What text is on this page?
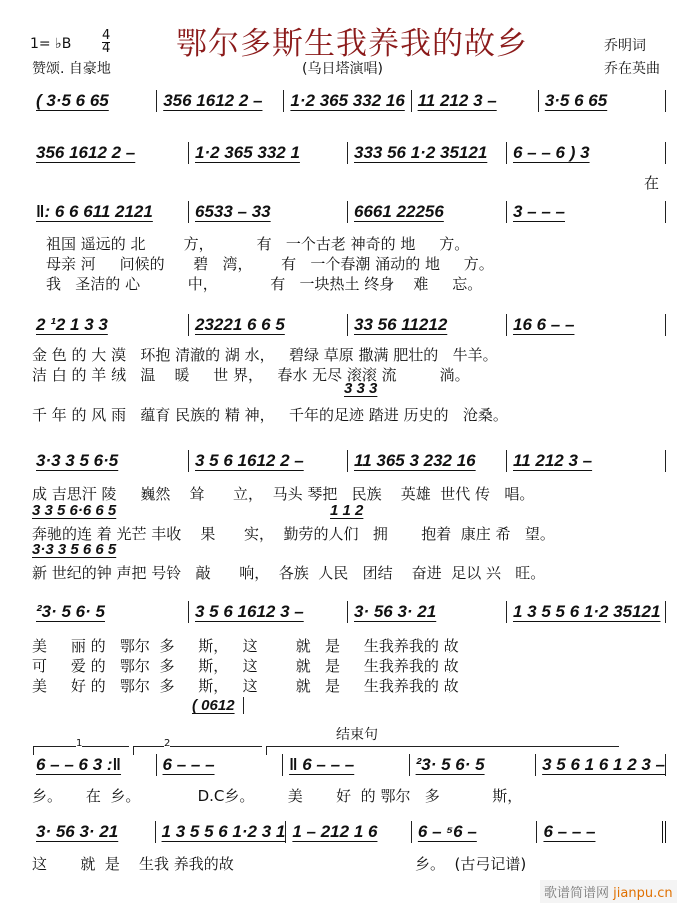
鄂尔多斯生我养我的故乡
1= ♭B
4
4
赞颂. 自豪地	(乌日塔演唱)
乔明词
乔在英曲
( 3·5 6 65	356 1612 2 –	1·2 365 332 16 11 212 3 –	3·5 6 65
356 1612 2 –	1·2 365 332 1	333 56 1·2 35121	6 – – 6 ) 3
在
‖: 6 6 611 2121	6533 – 33	6661 22256	3 – – –
祖国 遥远的 北        方，         有   一个古老 神奇的 地     方。
母亲 河     问候的      碧   湾，      有   一个春潮 涌动的 地     方。
我   圣洁的 心          中，           有   一块热土 终身    难     忘。
2 ¹2 1 3 3	23221 6 6 5	33 56 11212	16 6 – –
金 色 的 大 漠   环抱 清澈的 湖 水，   碧绿 草原 撒满 肥壮的   牛羊。
洁 白 的 羊 绒   温    暖     世 界，   春水 无尽 滚滚 流         淌。
3 3 3
千 年 的 风 雨   蕴育 民族的 精 神，   千年的足迹 踏进 历史的   沧桑。
3·3 3 5 6·5	3 5 6 1612 2 –	11 365 3 232 16	11 212 3 –
成 吉思汗 陵     巍然    耸      立，  马头 琴把   民族    英雄  世代 传   唱。
3 3 5 6·6 6 5	1 1 2
奔驰的连 着 光芒 丰收    果      实，  勤劳的人们   拥       抱着  康庄 希   望。
3·3 3 5 6 6 5
新 世纪的钟 声把 号铃   敲      响，  各族  人民   团结    奋进  足以 兴   旺。
²3· 5 6· 5	3 5 6 1612 3 –	3· 56 3· 21	1 3 5 5 6 1·2 35121
美     丽 的   鄂尔  多     斯，   这        就   是     生我养我的 故
可     爱 的   鄂尔  多     斯，   这        就   是     生我养我的 故
美     好 的   鄂尔  多     斯，   这        就   是     生我养我的 故
( 0612
结束句
1	2
6 – – 6 3 :‖	6 – – –	‖ 6 – – –	²3· 5 6· 5	3 5 6 1 6 1 2 3 –
乡。     在  乡。            D.C乡。       美       好  的 鄂尔   多           斯，
3· 56 3· 21	1 3 5 5 6 1·2 3 1 1 – 212 1 6	6 – ⁵6 –	6 – – –
这       就  是    生我 养我的故                                      乡。  (古弓记谱)
歌谱简谱网 jianpu.cn
